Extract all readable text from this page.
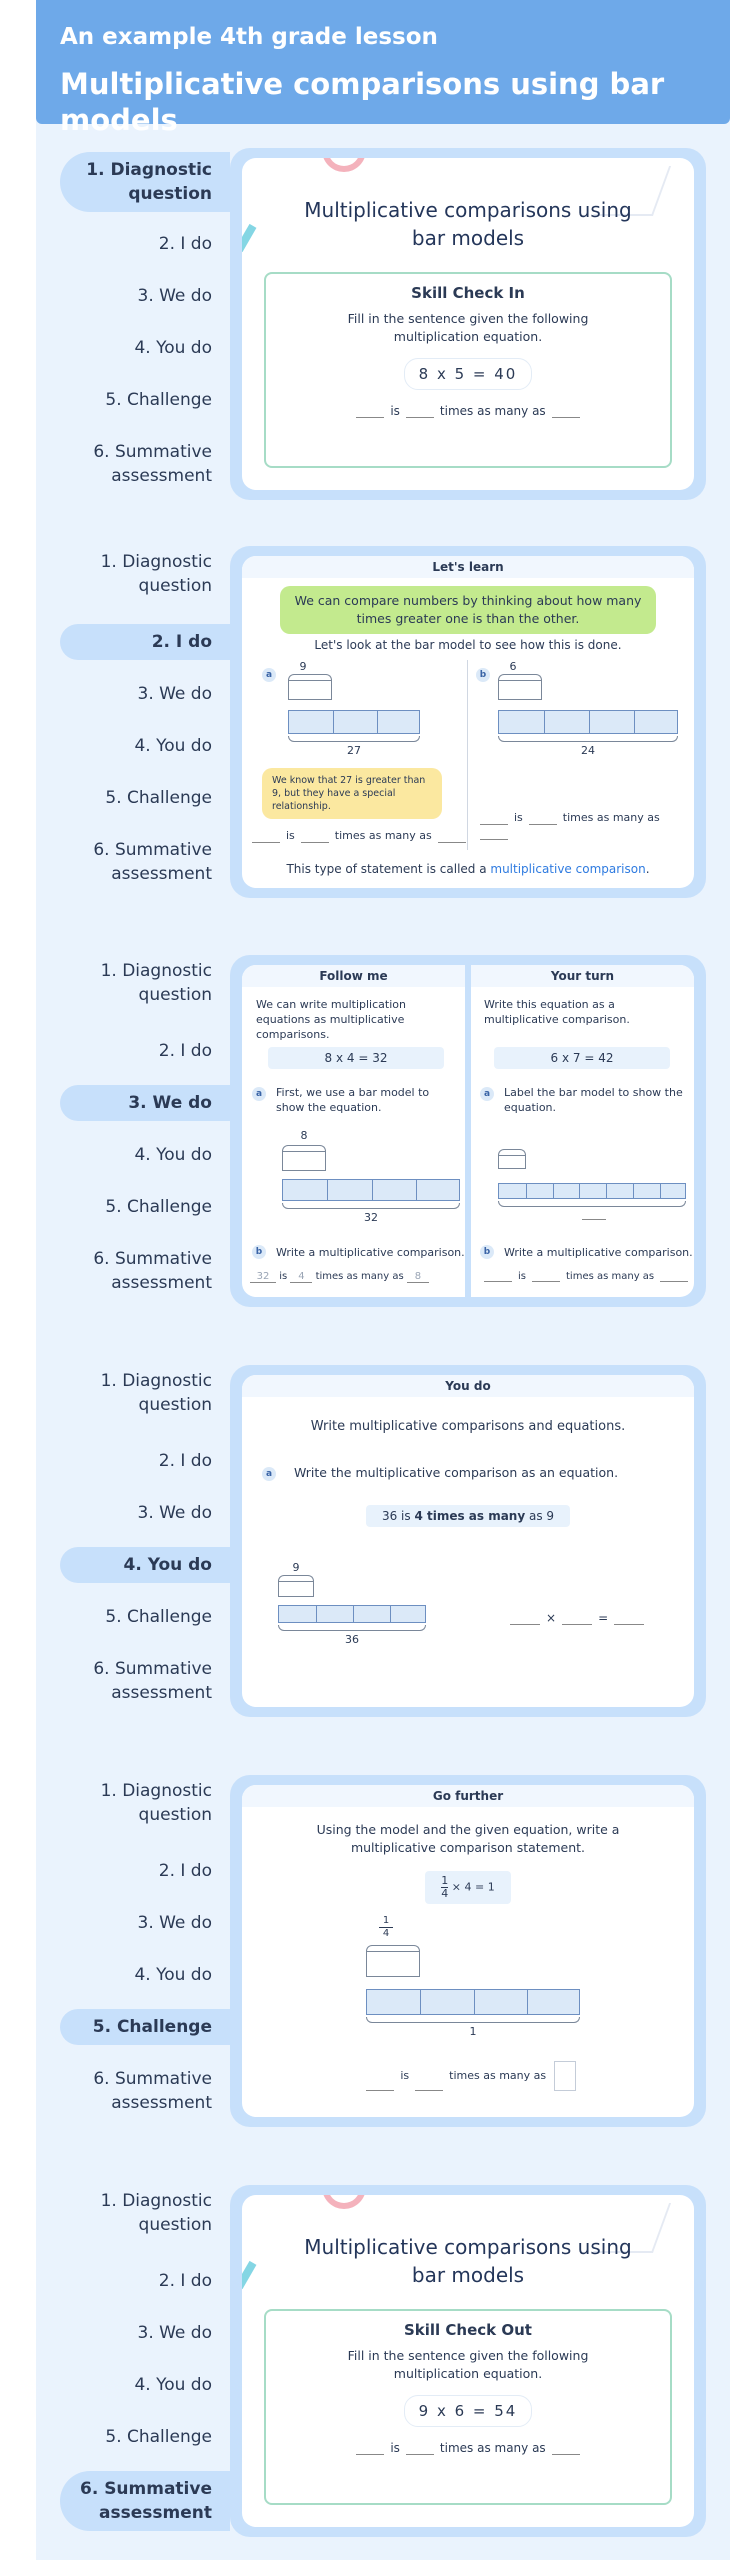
An example 4th grade lesson
Multiplicative comparisons using bar models
1. Diagnostic question
2. I do
3. We do
4. You do
5. Challenge
6. Summative assessment
Multiplicative comparisons using bar models
Skill Check In
Fill in the sentence given the following multiplication equation.
8 x 5 = 40
is	times as many as
1. Diagnostic question
2. I do
3. We do
4. You do
5. Challenge
6. Summative assessment
Let's learn
We can compare numbers by thinking about how many times greater one is than the other.
Let's look at the bar model to see how this is done.
a
9
27
We know that 27 is greater than 9, but they have a special relationship.
is	times as many as
b
6
24
is	times as many as
This type of statement is called a multiplicative comparison.
1. Diagnostic question
2. I do
3. We do
4. You do
5. Challenge
6. Summative assessment
Follow me	Your turn
We can write multiplication equations as multiplicative comparisons.
Write this equation as a multiplicative comparison.
8 x 4 = 32	6 x 7 = 42
a	First, we use a bar model to show the equation.
a	Label the bar model to show the equation.
8
32
b	Write a multiplicative comparison.	b	Write a multiplicative comparison.
32 is 4 times as many as 8	is	times as many as
1. Diagnostic question
2. I do
3. We do
4. You do
5. Challenge
6. Summative assessment
You do
Write multiplicative comparisons and equations.
a	Write the multiplicative comparison as an equation.
36 is 4 times as many as 9
9
36
×	=
1. Diagnostic question
2. I do
3. We do
4. You do
5. Challenge
6. Summative assessment
Go further
Using the model and the given equation, write a multiplicative comparison statement.
$\frac{1}{4} \times 4 = 1$
$\frac{1}{4}$
1
is	times as many as
1. Diagnostic question
2. I do
3. We do
4. You do
5. Challenge
6. Summative assessment
Multiplicative comparisons using bar models
Skill Check Out
Fill in the sentence given the following multiplication equation.
9 x 6 = 54
is	times as many as
